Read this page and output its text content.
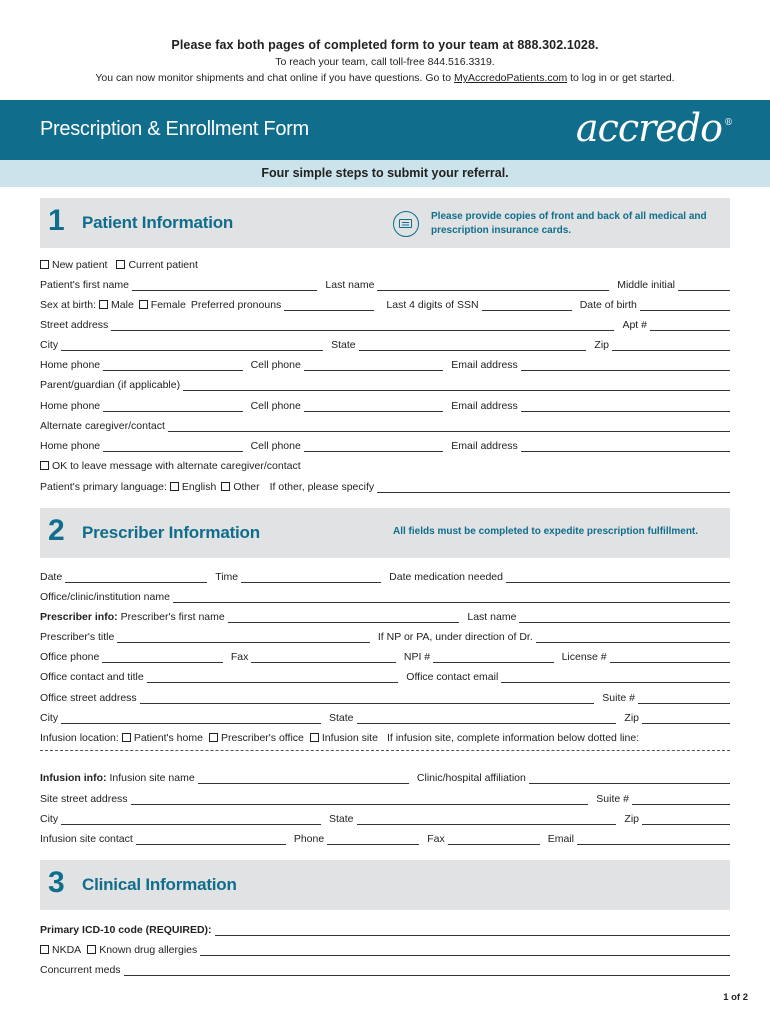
Please fax both pages of completed form to your team at 888.302.1028.
To reach your team, call toll-free 844.516.3319.
You can now monitor shipments and chat online if you have questions. Go to MyAccredoPatients.com to log in or get started.
Prescription & Enrollment Form	accredo ®
Four simple steps to submit your referral.
1 Patient Information	Please provide copies of front and back of all medical and prescription insurance cards.
New patient Current patient
Patient's first name	Last name	Middle initial
Sex at birth: Male Female Preferred pronouns	Last 4 digits of SSN	Date of birth
Street address	Apt #
City	State	Zip
Home phone	Cell phone	Email address
Parent/guardian (if applicable)
Home phone	Cell phone	Email address
Alternate caregiver/contact
Home phone	Cell phone	Email address
OK to leave message with alternate caregiver/contact
Patient's primary language: English Other If other, please specify
2 Prescriber Information	All fields must be completed to expedite prescription fulfillment.
Date	Time	Date medication needed
Office/clinic/institution name
Prescriber info: Prescriber's first name	Last name
Prescriber's title	If NP or PA, under direction of Dr.
Office phone	Fax	NPI #	License #
Office contact and title	Office contact email
Office street address	Suite #
City	State	Zip
Infusion location: Patient's home Prescriber's office Infusion site If infusion site, complete information below dotted line:
Infusion info: Infusion site name	Clinic/hospital affiliation
Site street address	Suite #
City	State	Zip
Infusion site contact	Phone	Fax	Email
3 Clinical Information
Primary ICD-10 code (REQUIRED):
NKDA Known drug allergies
Concurrent meds
1 of 2
